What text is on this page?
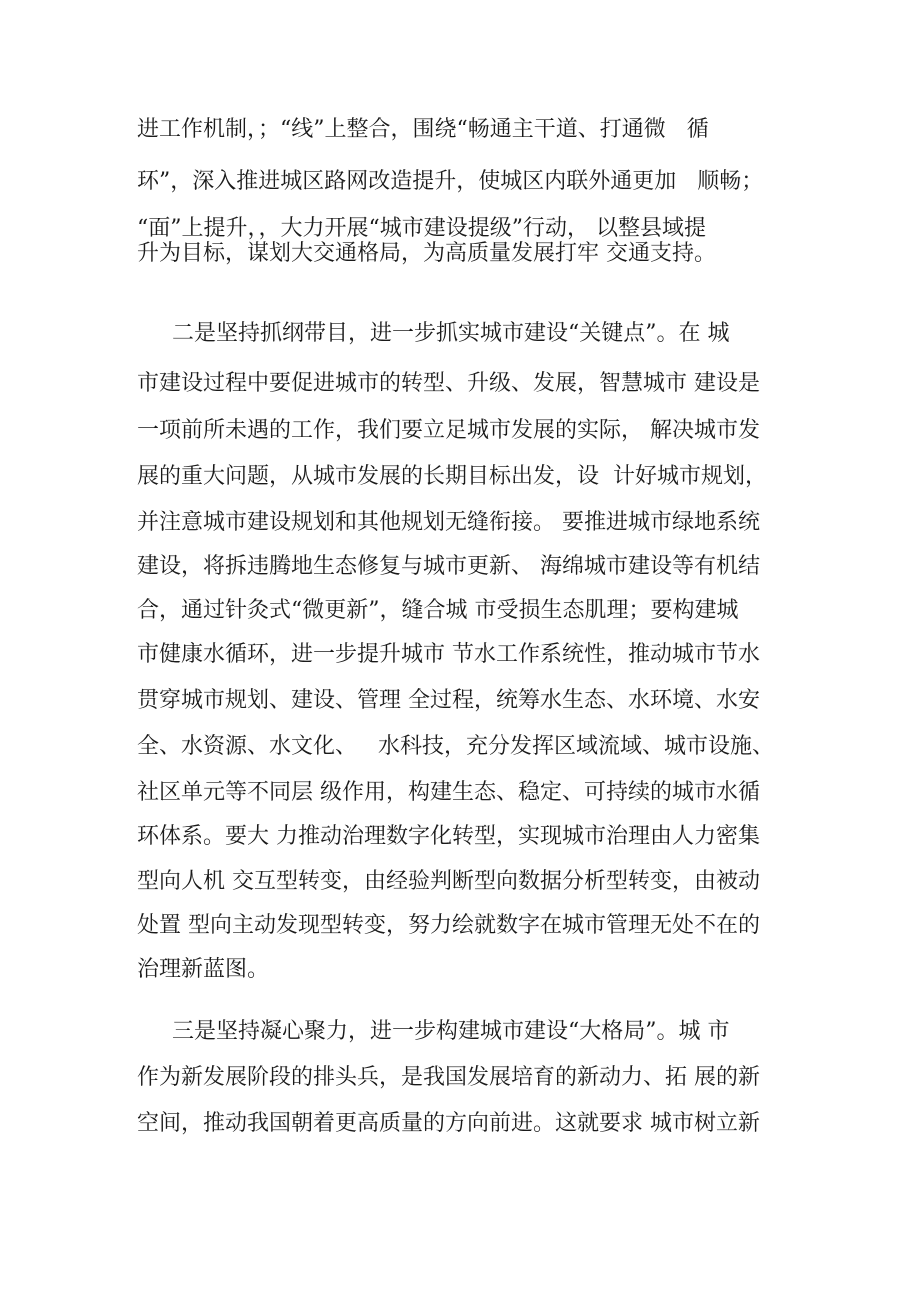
进工作机制，；“线”上整合，围绕“畅通主干道、打通微   循
环”，深入推进城区路网改造提升，使城区内联外通更加   顺畅；
“面”上提升，，大力开展“城市建设提级”行动， 以整县域提
升为目标，谋划大交通格局，为高质量发展打牢 交通支持。
二是坚持抓纲带目，进一步抓实城市建设“关键点”。在 城
市建设过程中要促进城市的转型、升级、发展，智慧城市 建设是
一项前所未遇的工作，我们要立足城市发展的实际， 解决城市发
展的重大问题，从城市发展的长期目标出发，设  计好城市规划，
并注意城市建设规划和其他规划无缝衔接。 要推进城市绿地系统
建设，将拆违腾地生态修复与城市更新、 海绵城市建设等有机结
合，通过针灸式“微更新”，缝合城 市受损生态肌理；要构建城
市健康水循环，进一步提升城市 节水工作系统性，推动城市节水
贯穿城市规划、建设、管理 全过程，统筹水生态、水环境、水安
全、水资源、水文化、   水科技，充分发挥区域流域、城市设施、
社区单元等不同层 级作用，构建生态、稳定、可持续的城市水循
环体系。要大 力推动治理数字化转型，实现城市治理由人力密集
型向人机 交互型转变，由经验判断型向数据分析型转变，由被动
处置 型向主动发现型转变，努力绘就数字在城市管理无处不在的
治理新蓝图。
三是坚持凝心聚力，进一步构建城市建设“大格局”。城 市
作为新发展阶段的排头兵，是我国发展培育的新动力、拓 展的新
空间，推动我国朝着更高质量的方向前进。这就要求 城市树立新
